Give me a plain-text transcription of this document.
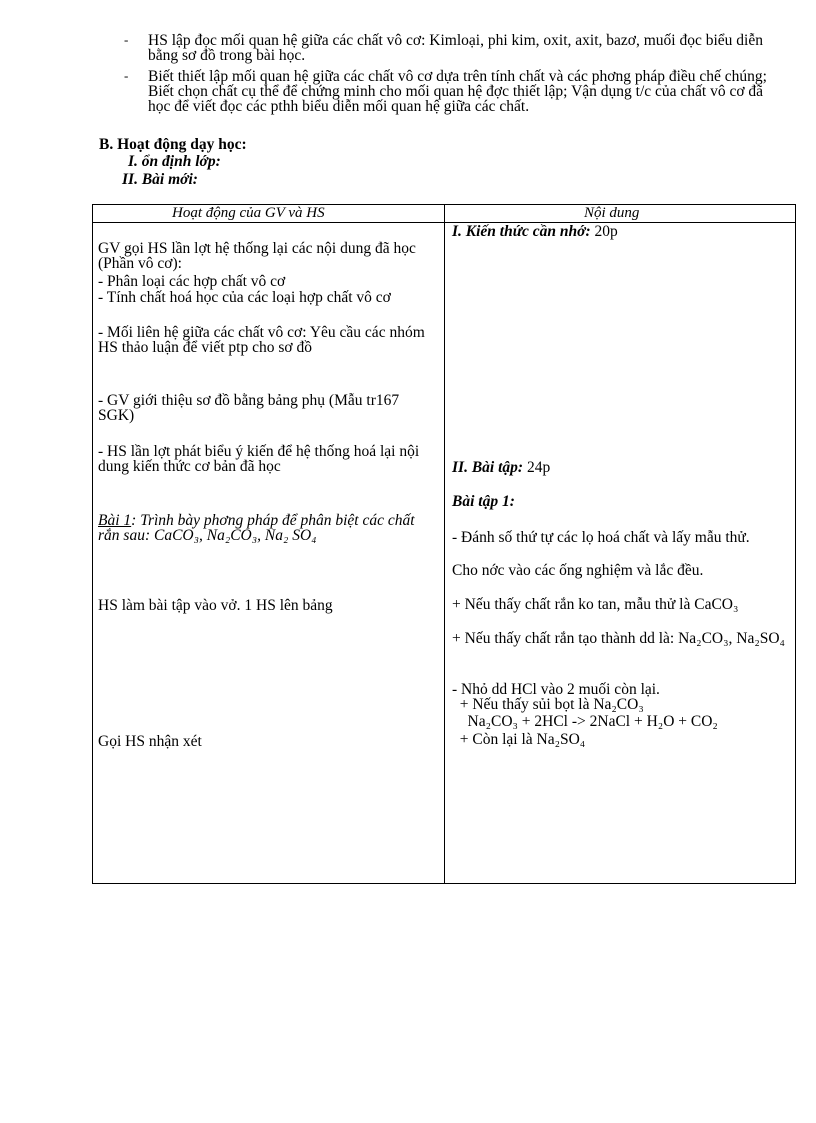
- HS lập đọc mối quan hệ giữa các chất vô cơ: Kimloại, phi kim, oxit, axit, bazơ, muối đọc biểu diễn bằng sơ đồ trong bài học.
- Biết thiết lập mối quan hệ giữa các chất vô cơ dựa trên tính chất và các phơng pháp điều chế chúng; Biết chọn chất cụ thể để chứng minh cho mối quan hệ đợc thiết lập; Vận dụng t/c của chất vô cơ đã học để viết đọc các pthh biểu diễn mối quan hệ giữa các chất.
B. Hoạt động dạy học:
I. ổn định lớp:
II. Bài mới:
Hoạt động của GV và HS	Nội dung
GV gọi HS lần lợt hệ thống lại các nội dung đã học (Phần vô cơ):
- Phân loại các hợp chất vô cơ
- Tính chất hoá học của các loại hợp chất vô cơ
- Mối liên hệ giữa các chất vô cơ: Yêu cầu các nhóm HS thảo luận để viết ptp cho sơ đồ
- GV giới thiệu sơ đồ bằng bảng phụ (Mẫu tr167 SGK)
- HS lần lợt phát biểu ý kiến để hệ thống hoá lại nội dung kiến thức cơ bản đã học
Bài 1: Trình bày phơng pháp để phân biệt các chất rắn sau: CaCO₃, Na₂CO₃, Na₂ SO₄
HS làm bài tập vào vở. 1 HS lên bảng
Gọi HS nhận xét
I. Kiến thức cần nhớ: 20p
II. Bài tập: 24p
Bài tập 1:
- Đánh số thứ tự các lọ hoá chất và lấy mẫu thử.
Cho nớc vào các ống nghiệm và lắc đều.
+ Nếu thấy chất rắn ko tan, mẫu thử là CaCO₃
+ Nếu thấy chất rắn tạo thành dd là: Na₂CO₃, Na₂SO₄
- Nhỏ dd HCl vào 2 muối còn lại.
+ Nếu thấy sủi bọt là Na₂CO₃
Na₂CO₃ + 2HCl -> 2NaCl + H₂O + CO₂
+ Còn lại là Na₂SO₄
